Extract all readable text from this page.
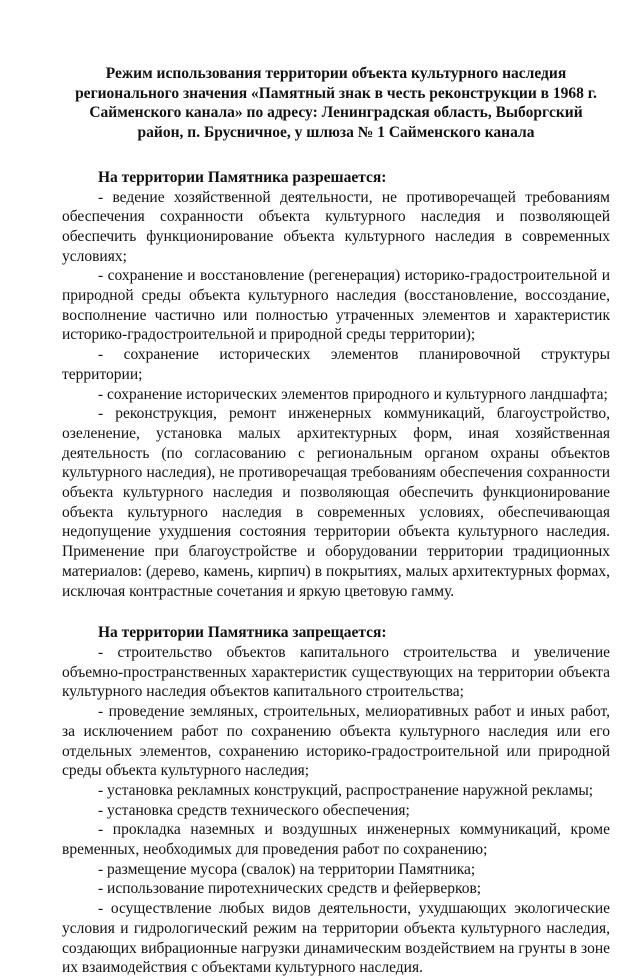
Режим использования территории объекта культурного наследия регионального значения «Памятный знак в честь реконструкции в 1968 г. Сайменского канала» по адресу: Ленинградская область, Выборгский район, п. Брусничное, у шлюза № 1 Сайменского канала

На территории Памятника разрешается:

- ведение хозяйственной деятельности, не противоречащей требованиям обеспечения сохранности объекта культурного наследия и позволяющей обеспечить функционирование объекта культурного наследия в современных условиях;

- сохранение и восстановление (регенерация) историко-градостроительной и природной среды объекта культурного наследия (восстановление, воссоздание, восполнение частично или полностью утраченных элементов и характеристик историко-градостроительной и природной среды территории);

- сохранение исторических элементов планировочной структуры территории;

- сохранение исторических элементов природного и культурного ландшафта;

- реконструкция, ремонт инженерных коммуникаций, благоустройство, озеленение, установка малых архитектурных форм, иная хозяйственная деятельность (по согласованию с региональным органом охраны объектов культурного наследия), не противоречащая требованиям обеспечения сохранности объекта культурного наследия и позволяющая обеспечить функционирование объекта культурного наследия в современных условиях, обеспечивающая недопущение ухудшения состояния территории объекта культурного наследия. Применение при благоустройстве и оборудовании территории традиционных материалов: (дерево, камень, кирпич) в покрытиях, малых архитектурных формах, исключая контрастные сочетания и яркую цветовую гамму.

На территории Памятника запрещается:

- строительство объектов капитального строительства и увеличение объемно-пространственных характеристик существующих на территории объекта культурного наследия объектов капитального строительства;

- проведение земляных, строительных, мелиоративных работ и иных работ, за исключением работ по сохранению объекта культурного наследия или его отдельных элементов, сохранению историко-градостроительной или природной среды объекта культурного наследия;

- установка рекламных конструкций, распространение наружной рекламы;

- установка средств технического обеспечения;

- прокладка наземных и воздушных инженерных коммуникаций, кроме временных, необходимых для проведения работ по сохранению;

- размещение мусора (свалок) на территории Памятника;

- использование пиротехнических средств и фейерверков;

- осуществление любых видов деятельности, ухудшающих экологические условия и гидрологический режим на территории объекта культурного наследия, создающих вибрационные нагрузки динамическим воздействием на грунты в зоне их взаимодействия с объектами культурного наследия.
